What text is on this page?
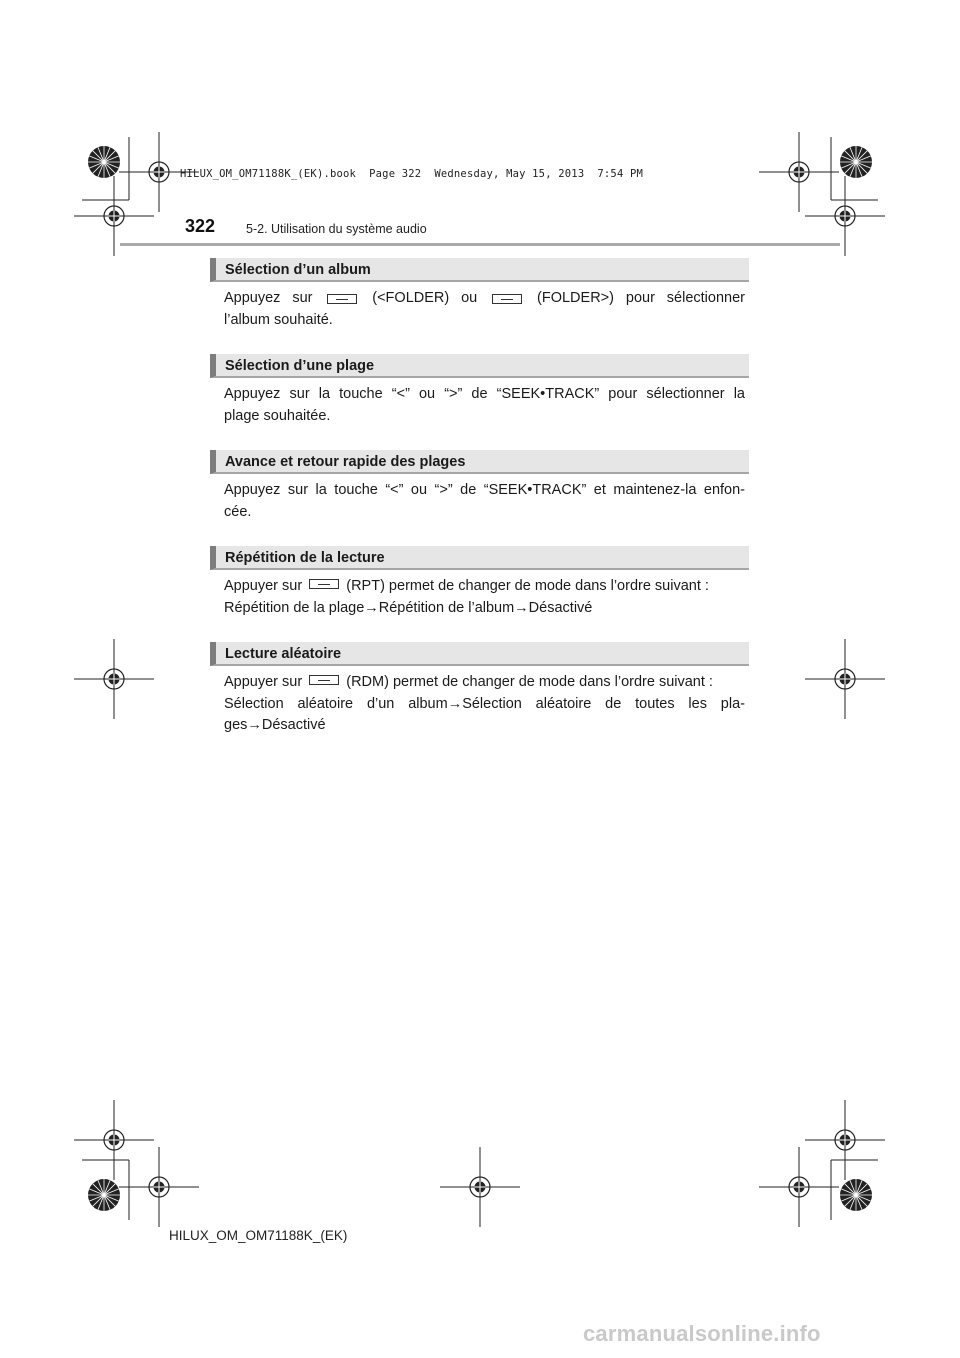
HILUX_OM_OM71188K_(EK).book  Page 322  Wednesday, May 15, 2013  7:54 PM
322 5-2. Utilisation du système audio
Sélection d’un album
Appuyez sur	(<FOLDER) ou	(FOLDER>) pour sélectionner
l’album souhaité.
Sélection d’une plage
Appuyez sur la touche “<” ou “>” de “SEEK•TRACK” pour sélectionner la
plage souhaitée.
Avance et retour rapide des plages
Appuyez sur la touche “<” ou “>” de “SEEK•TRACK” et maintenez-la enfon-
cée.
Répétition de la lecture
Appuyer sur	(RPT) permet de changer de mode dans l’ordre suivant :
Répétition de la plage→Répétition de l’album→Désactivé
Lecture aléatoire
Appuyer sur	(RDM) permet de changer de mode dans l’ordre suivant :
Sélection aléatoire d’un album→Sélection aléatoire de toutes les pla-
ges→Désactivé
HILUX_OM_OM71188K_(EK)
carmanualsonline.info
